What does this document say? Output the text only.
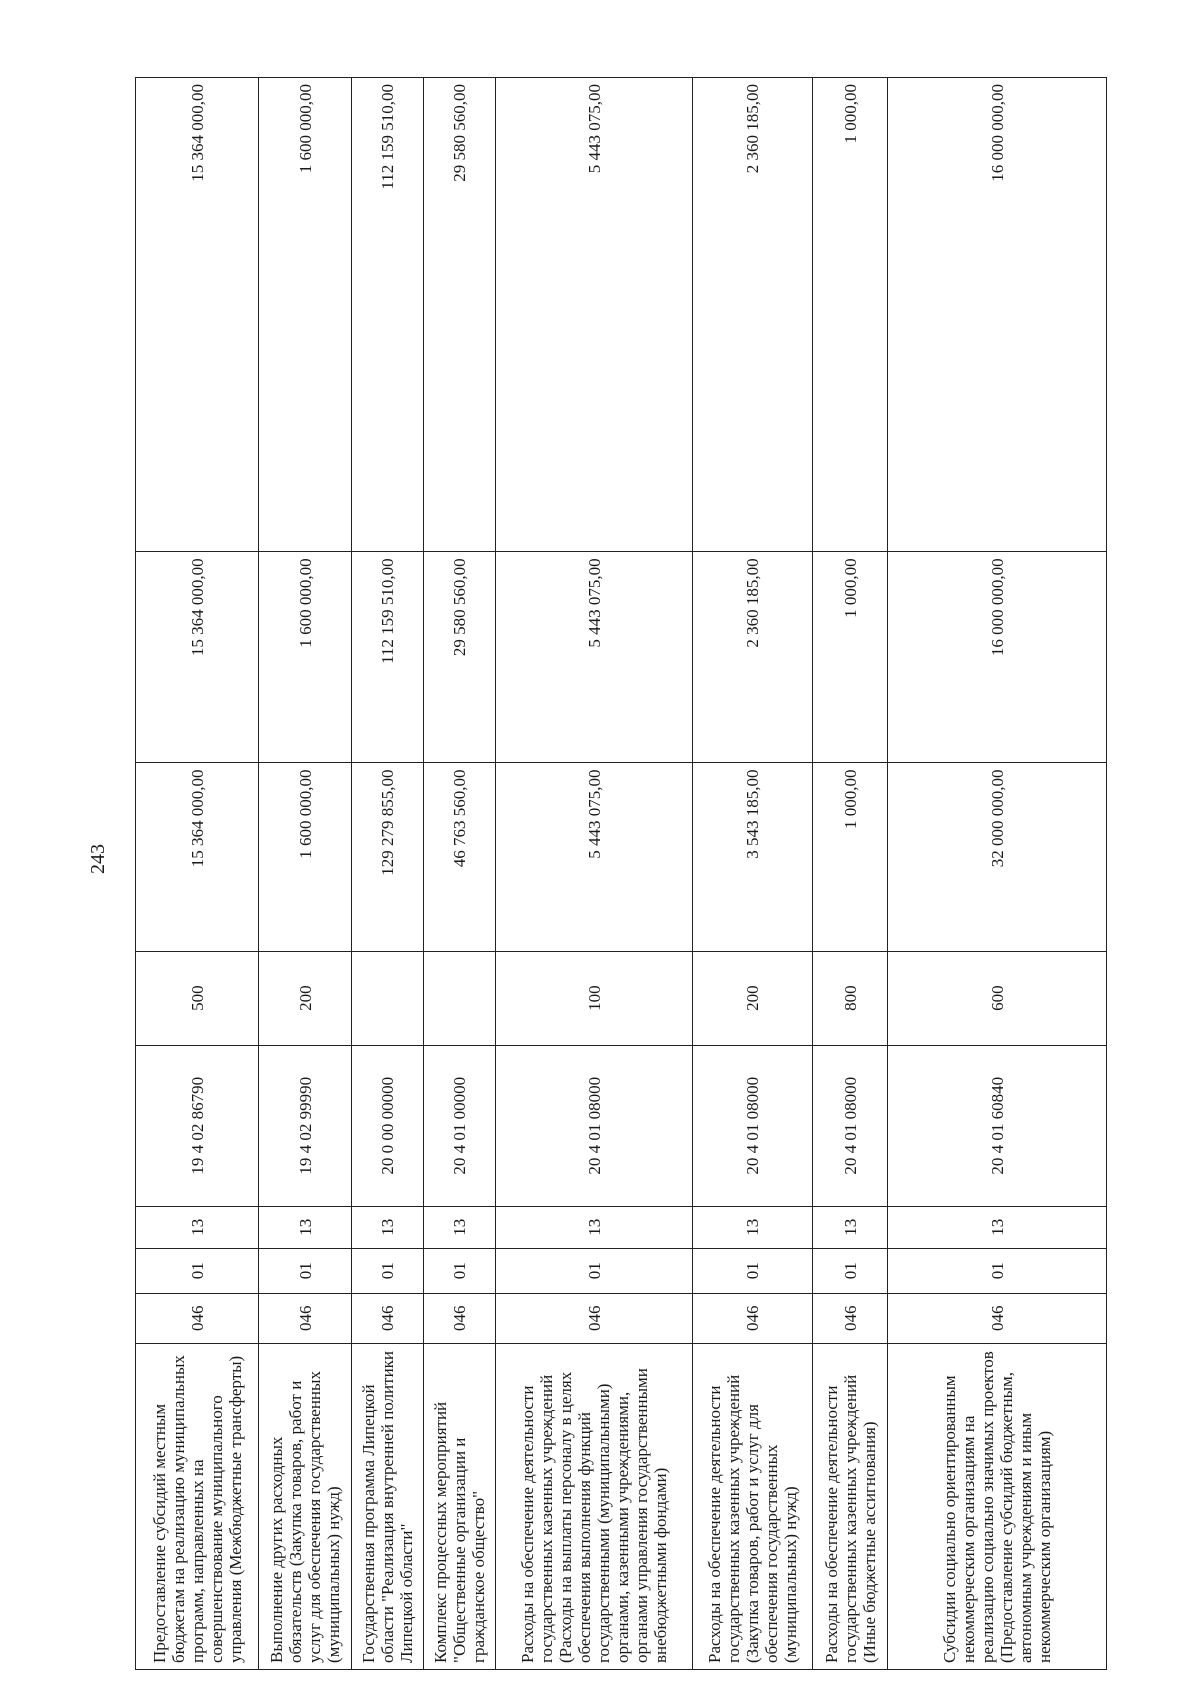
243
Предоставление субсидий местным бюджетам на реализацию муниципальных программ, направленных на совершенствование муниципального управления (Межбюджетные трансферты)	046	01	13	19 4 02 86790	500	15 364 000,00	15 364 000,00	15 364 000,00
Выполнение других расходных обязательств (Закупка товаров, работ и услуг для обеспечения государственных (муниципальных) нужд)	046	01	13	19 4 02 99990	200	1 600 000,00	1 600 000,00	1 600 000,00
Государственная программа Липецкой области "Реализация внутренней политики Липецкой области"	046	01	13	20 0 00 00000		129 279 855,00	112 159 510,00	112 159 510,00
Комплекс процессных мероприятий "Общественные организации и гражданское общество"	046	01	13	20 4 01 00000		46 763 560,00	29 580 560,00	29 580 560,00
Расходы на обеспечение деятельности государственных казенных учреждений (Расходы на выплаты персоналу в целях обеспечения выполнения функций государственными (муниципальными) органами, казенными учреждениями, органами управления государственными внебюджетными фондами)	046	01	13	20 4 01 08000	100	5 443 075,00	5 443 075,00	5 443 075,00
Расходы на обеспечение деятельности государственных казенных учреждений (Закупка товаров, работ и услуг для обеспечения государственных (муниципальных) нужд)	046	01	13	20 4 01 08000	200	3 543 185,00	2 360 185,00	2 360 185,00
Расходы на обеспечение деятельности государственных казенных учреждений (Иные бюджетные ассигнования)	046	01	13	20 4 01 08000	800	1 000,00	1 000,00	1 000,00
Субсидии социально ориентированным некоммерческим организациям на реализацию социально значимых проектов (Предоставление субсидий бюджетным, автономным учреждениям и иным некоммерческим организациям)	046	01	13	20 4 01 60840	600	32 000 000,00	16 000 000,00	16 000 000,00
